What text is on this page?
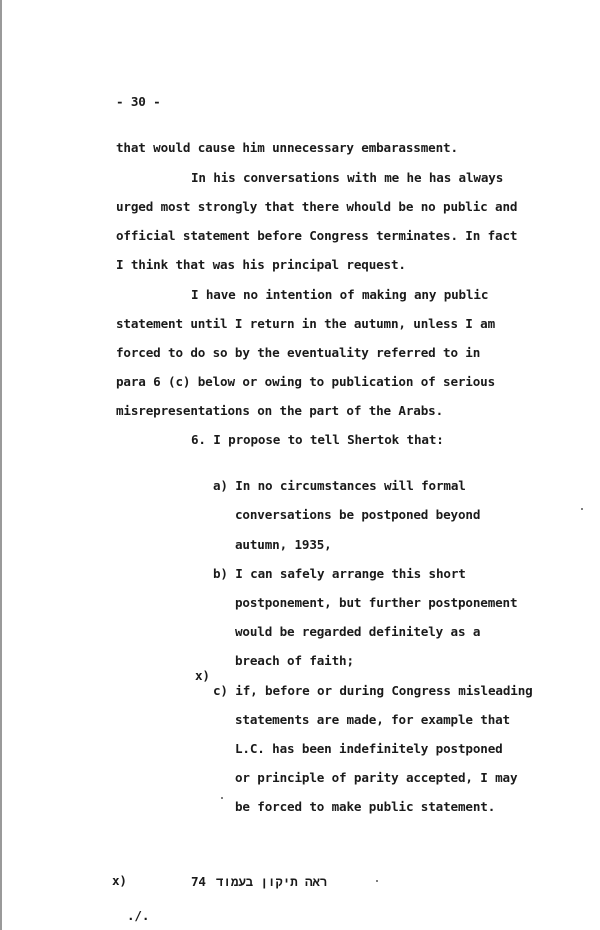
- 30 -
that would cause him unnecessary embarassment.
In his conversations with me he has always
urged most strongly that there whould be no public and
official statement before Congress terminates. In fact
I think that was his principal request.
I have no intention of making any public
statement until I return in the autumn, unless I am
forced to do so by the eventuality referred to in
para 6 (c) below or owing to publication of serious
misrepresentations on the part of the Arabs.
6. I propose to tell Shertok that:
a) In no circumstances will formal
conversations be postponed beyond
autumn, 1935,
b) I can safely arrange this short
postponement, but further postponement
would be regarded definitely as a
breach of faith;
x)
c) if, before or during Congress misleading
statements are made, for example that
L.C. has been indefinitely postponed
or principle of parity accepted, I may
be forced to make public statement.
x)	74 ראה תיקון בעמוד
./.
